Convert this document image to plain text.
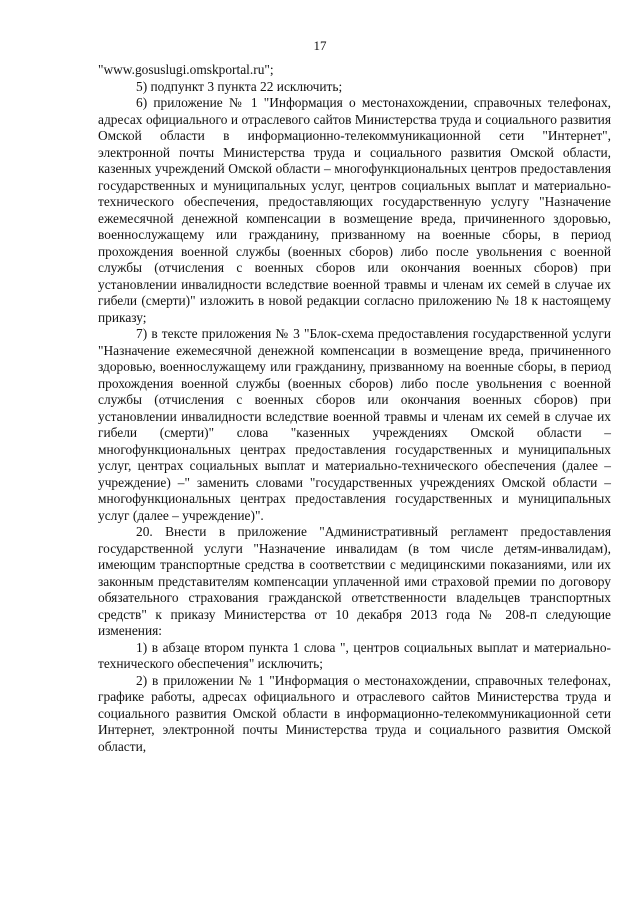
17

"www.gosuslugi.omskportal.ru";

5) подпункт 3 пункта 22 исключить;

6) приложение № 1 "Информация о местонахождении, справочных телефонах, адресах официального и отраслевого сайтов Министерства труда и социального развития Омской области в информационно-телекоммуникационной сети "Интернет", электронной почты Министерства труда и социального развития Омской области, казенных учреждений Омской области – многофункциональных центров предоставления государственных и муниципальных услуг, центров социальных выплат и материально-технического обеспечения, предоставляющих государственную услугу "Назначение ежемесячной денежной компенсации в возмещение вреда, причиненного здоровью, военнослужащему или гражданину, призванному на военные сборы, в период прохождения военной службы (военных сборов) либо после увольнения с военной службы (отчисления с военных сборов или окончания военных сборов) при установлении инвалидности вследствие военной травмы и членам их семей в случае их гибели (смерти)" изложить в новой редакции согласно приложению № 18 к настоящему приказу;

7) в тексте приложения № 3 "Блок-схема предоставления государственной услуги "Назначение ежемесячной денежной компенсации в возмещение вреда, причиненного здоровью, военнослужащему или гражданину, призванному на военные сборы, в период прохождения военной службы (военных сборов) либо после увольнения с военной службы (отчисления с военных сборов или окончания военных сборов) при установлении инвалидности вследствие военной травмы и членам их семей в случае их гибели (смерти)" слова "казенных учреждениях Омской области – многофункциональных центрах предоставления государственных и муниципальных услуг, центрах социальных выплат и материально-технического обеспечения (далее – учреждение) –" заменить словами "государственных учреждениях Омской области – многофункциональных центрах предоставления государственных и муниципальных услуг (далее – учреждение)".

20. Внести в приложение "Административный регламент предоставления государственной услуги "Назначение инвалидам (в том числе детям-инвалидам), имеющим транспортные средства в соответствии с медицинскими показаниями, или их законным представителям компенсации уплаченной ими страховой премии по договору обязательного страхования гражданской ответственности владельцев транспортных средств" к приказу Министерства от 10 декабря 2013 года № 208-п следующие изменения:

1) в абзаце втором пункта 1 слова ", центров социальных выплат и материально-технического обеспечения" исключить;

2) в приложении № 1 "Информация о местонахождении, справочных телефонах, графике работы, адресах официального и отраслевого сайтов Министерства труда и социального развития Омской области в информационно-телекоммуникационной сети Интернет, электронной почты Министерства труда и социального развития Омской области,
